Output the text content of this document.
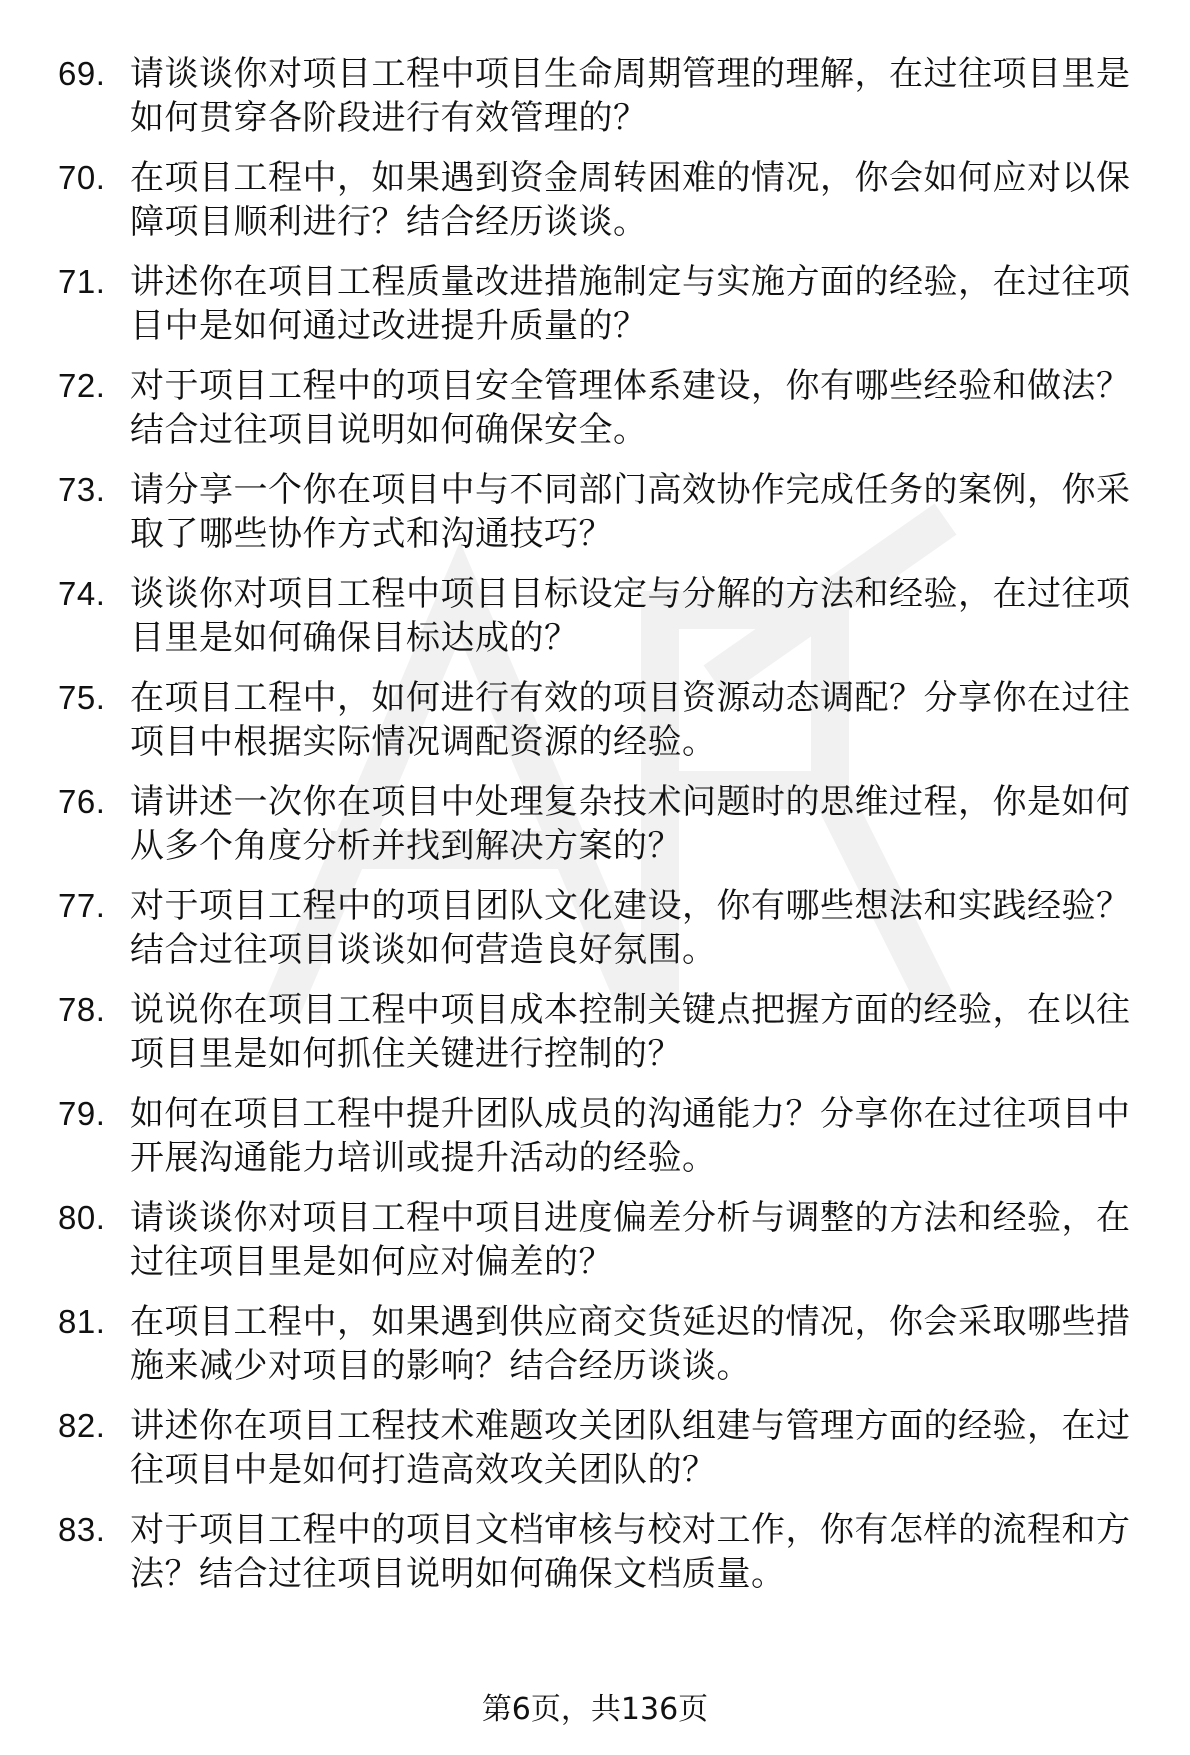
69. 请谈谈你对项目工程中项目生命周期管理的理解，在过往项目里是如何贯穿各阶段进行有效管理的？
70. 在项目工程中，如果遇到资金周转困难的情况，你会如何应对以保障项目顺利进行？结合经历谈谈。
71. 讲述你在项目工程质量改进措施制定与实施方面的经验，在过往项目中是如何通过改进提升质量的？
72. 对于项目工程中的项目安全管理体系建设，你有哪些经验和做法？结合过往项目说明如何确保安全。
73. 请分享一个你在项目中与不同部门高效协作完成任务的案例，你采取了哪些协作方式和沟通技巧？
74. 谈谈你对项目工程中项目目标设定与分解的方法和经验，在过往项目里是如何确保目标达成的？
75. 在项目工程中，如何进行有效的项目资源动态调配？分享你在过往项目中根据实际情况调配资源的经验。
76. 请讲述一次你在项目中处理复杂技术问题时的思维过程，你是如何从多个角度分析并找到解决方案的？
77. 对于项目工程中的项目团队文化建设，你有哪些想法和实践经验？结合过往项目谈谈如何营造良好氛围。
78. 说说你在项目工程中项目成本控制关键点把握方面的经验，在以往项目里是如何抓住关键进行控制的？
79. 如何在项目工程中提升团队成员的沟通能力？分享你在过往项目中开展沟通能力培训或提升活动的经验。
80. 请谈谈你对项目工程中项目进度偏差分析与调整的方法和经验，在过往项目里是如何应对偏差的？
81. 在项目工程中，如果遇到供应商交货延迟的情况，你会采取哪些措施来减少对项目的影响？结合经历谈谈。
82. 讲述你在项目工程技术难题攻关团队组建与管理方面的经验，在过往项目中是如何打造高效攻关团队的？
83. 对于项目工程中的项目文档审核与校对工作，你有怎样的流程和方法？结合过往项目说明如何确保文档质量。
第6页，共136页
